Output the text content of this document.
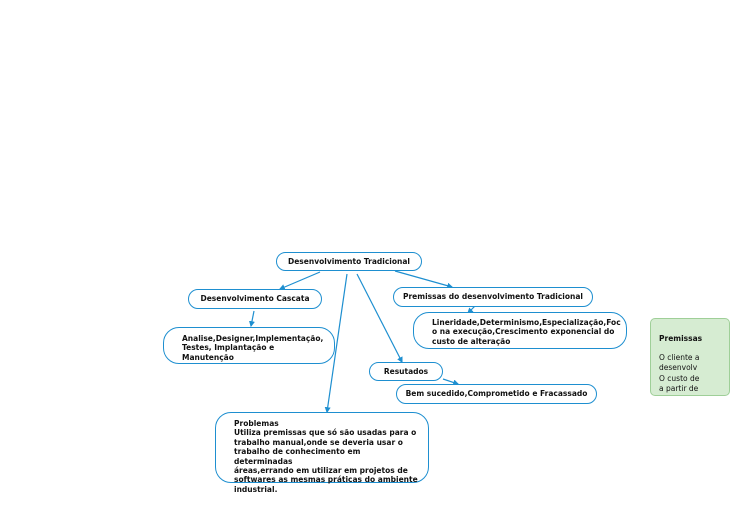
Desenvolvimento Tradicional
Desenvolvimento Cascata
Analise,Designer,Implementação,
Testes, Implantação e
Manutenção
Premissas do desenvolvimento Tradicional
Lineridade,Determinismo,Especialização,Foc
o na execução,Crescimento exponencial do
custo de alteração
Resutados
Bem sucedido,Comprometido e Fracassado
Problemas
Utiliza premissas que só são usadas para o
trabalho manual,onde se deveria usar o
trabalho de conhecimento em determinadas
áreas,errando em utilizar em projetos de
softwares as mesmas práticas do ambiente
industrial.

Premissas
O cliente a
desenvolv
O custo de
a partir de
